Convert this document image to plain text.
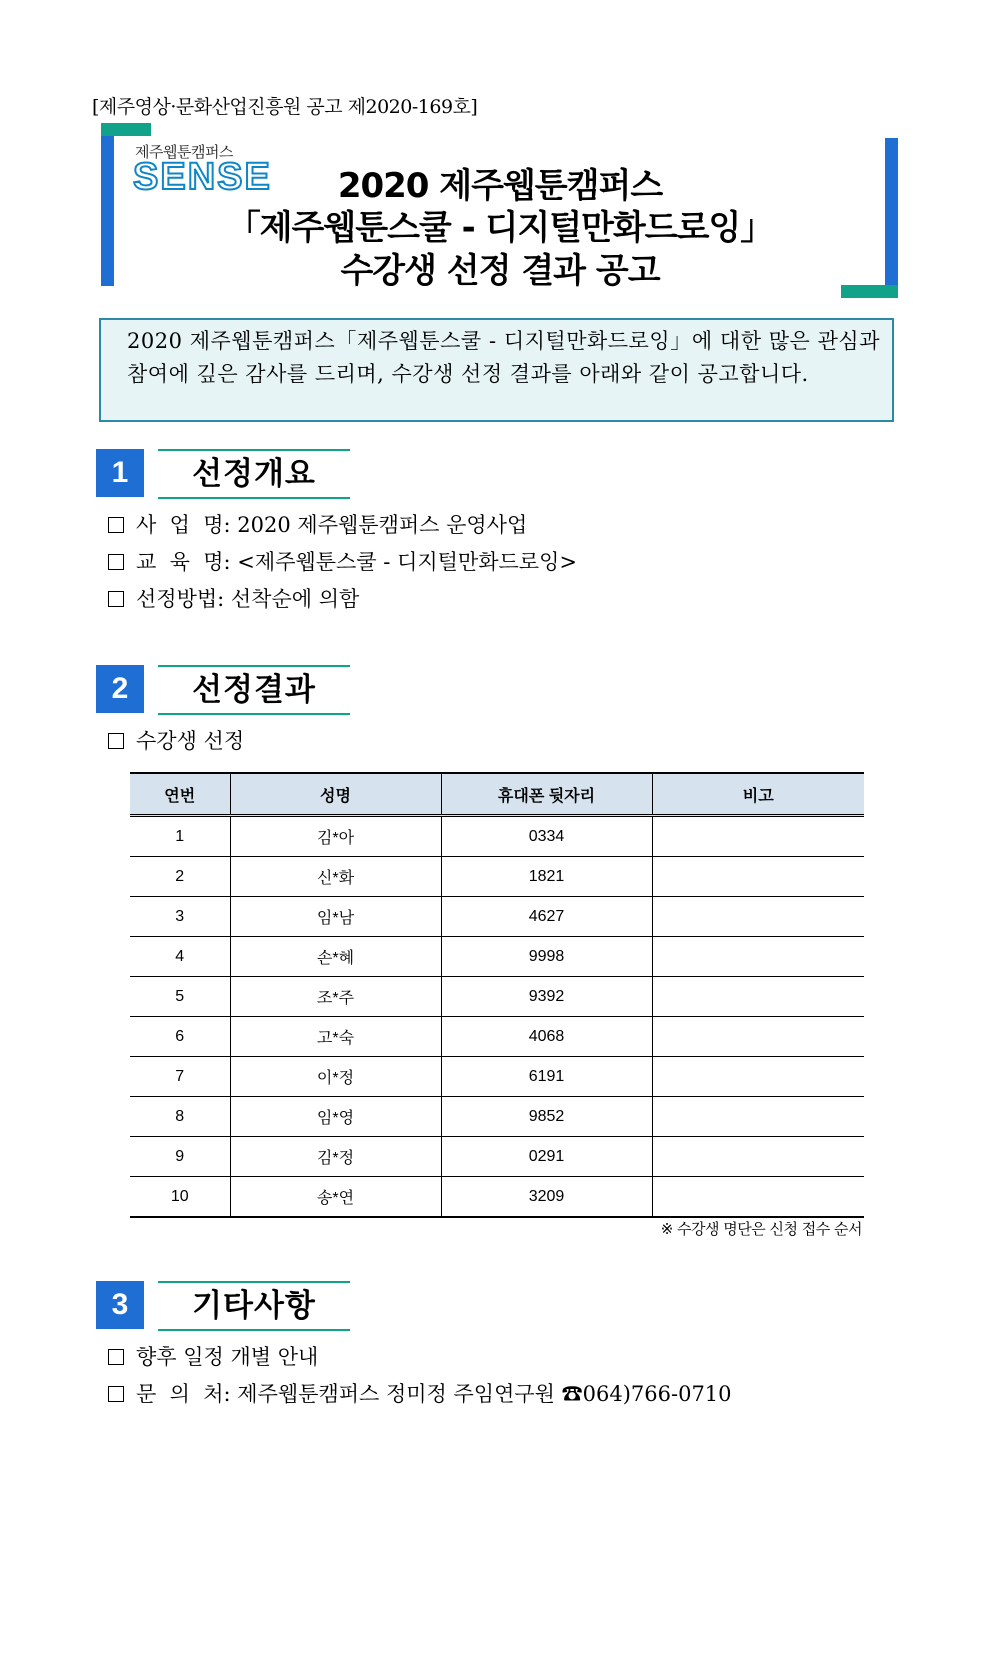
[제주영상·문화산업진흥원 공고 제2020-169호]
제주웹툰캠퍼스
SENSE	2020 제주웹툰캠퍼스
「제주웹툰스쿨 - 디지털만화드로잉」
수강생 선정 결과 공고
2020 제주웹툰캠퍼스「제주웹툰스쿨 - 디지털만화드로잉」에 대한 많은 관심과 참여에 깊은 감사를 드리며, 수강생 선정 결과를 아래와 같이 공고합니다.
1	선정개요
사  업  명: 2020 제주웹툰캠퍼스 운영사업
교  육  명: <제주웹툰스쿨 - 디지털만화드로잉>
선정방법: 선착순에 의함
2	선정결과
수강생 선정
연번	성명	휴대폰 뒷자리	비고
1	김*아	0334	
2	신*화	1821	
3	임*남	4627	
4	손*혜	9998	
5	조*주	9392	
6	고*숙	4068	
7	이*정	6191	
8	임*영	9852	
9	김*정	0291	
10	송*연	3209	
※ 수강생 명단은 신청 접수 순서
3	기타사항
향후 일정 개별 안내
문  의  처: 제주웹툰캠퍼스 정미정 주임연구원 ☎064)766-0710
